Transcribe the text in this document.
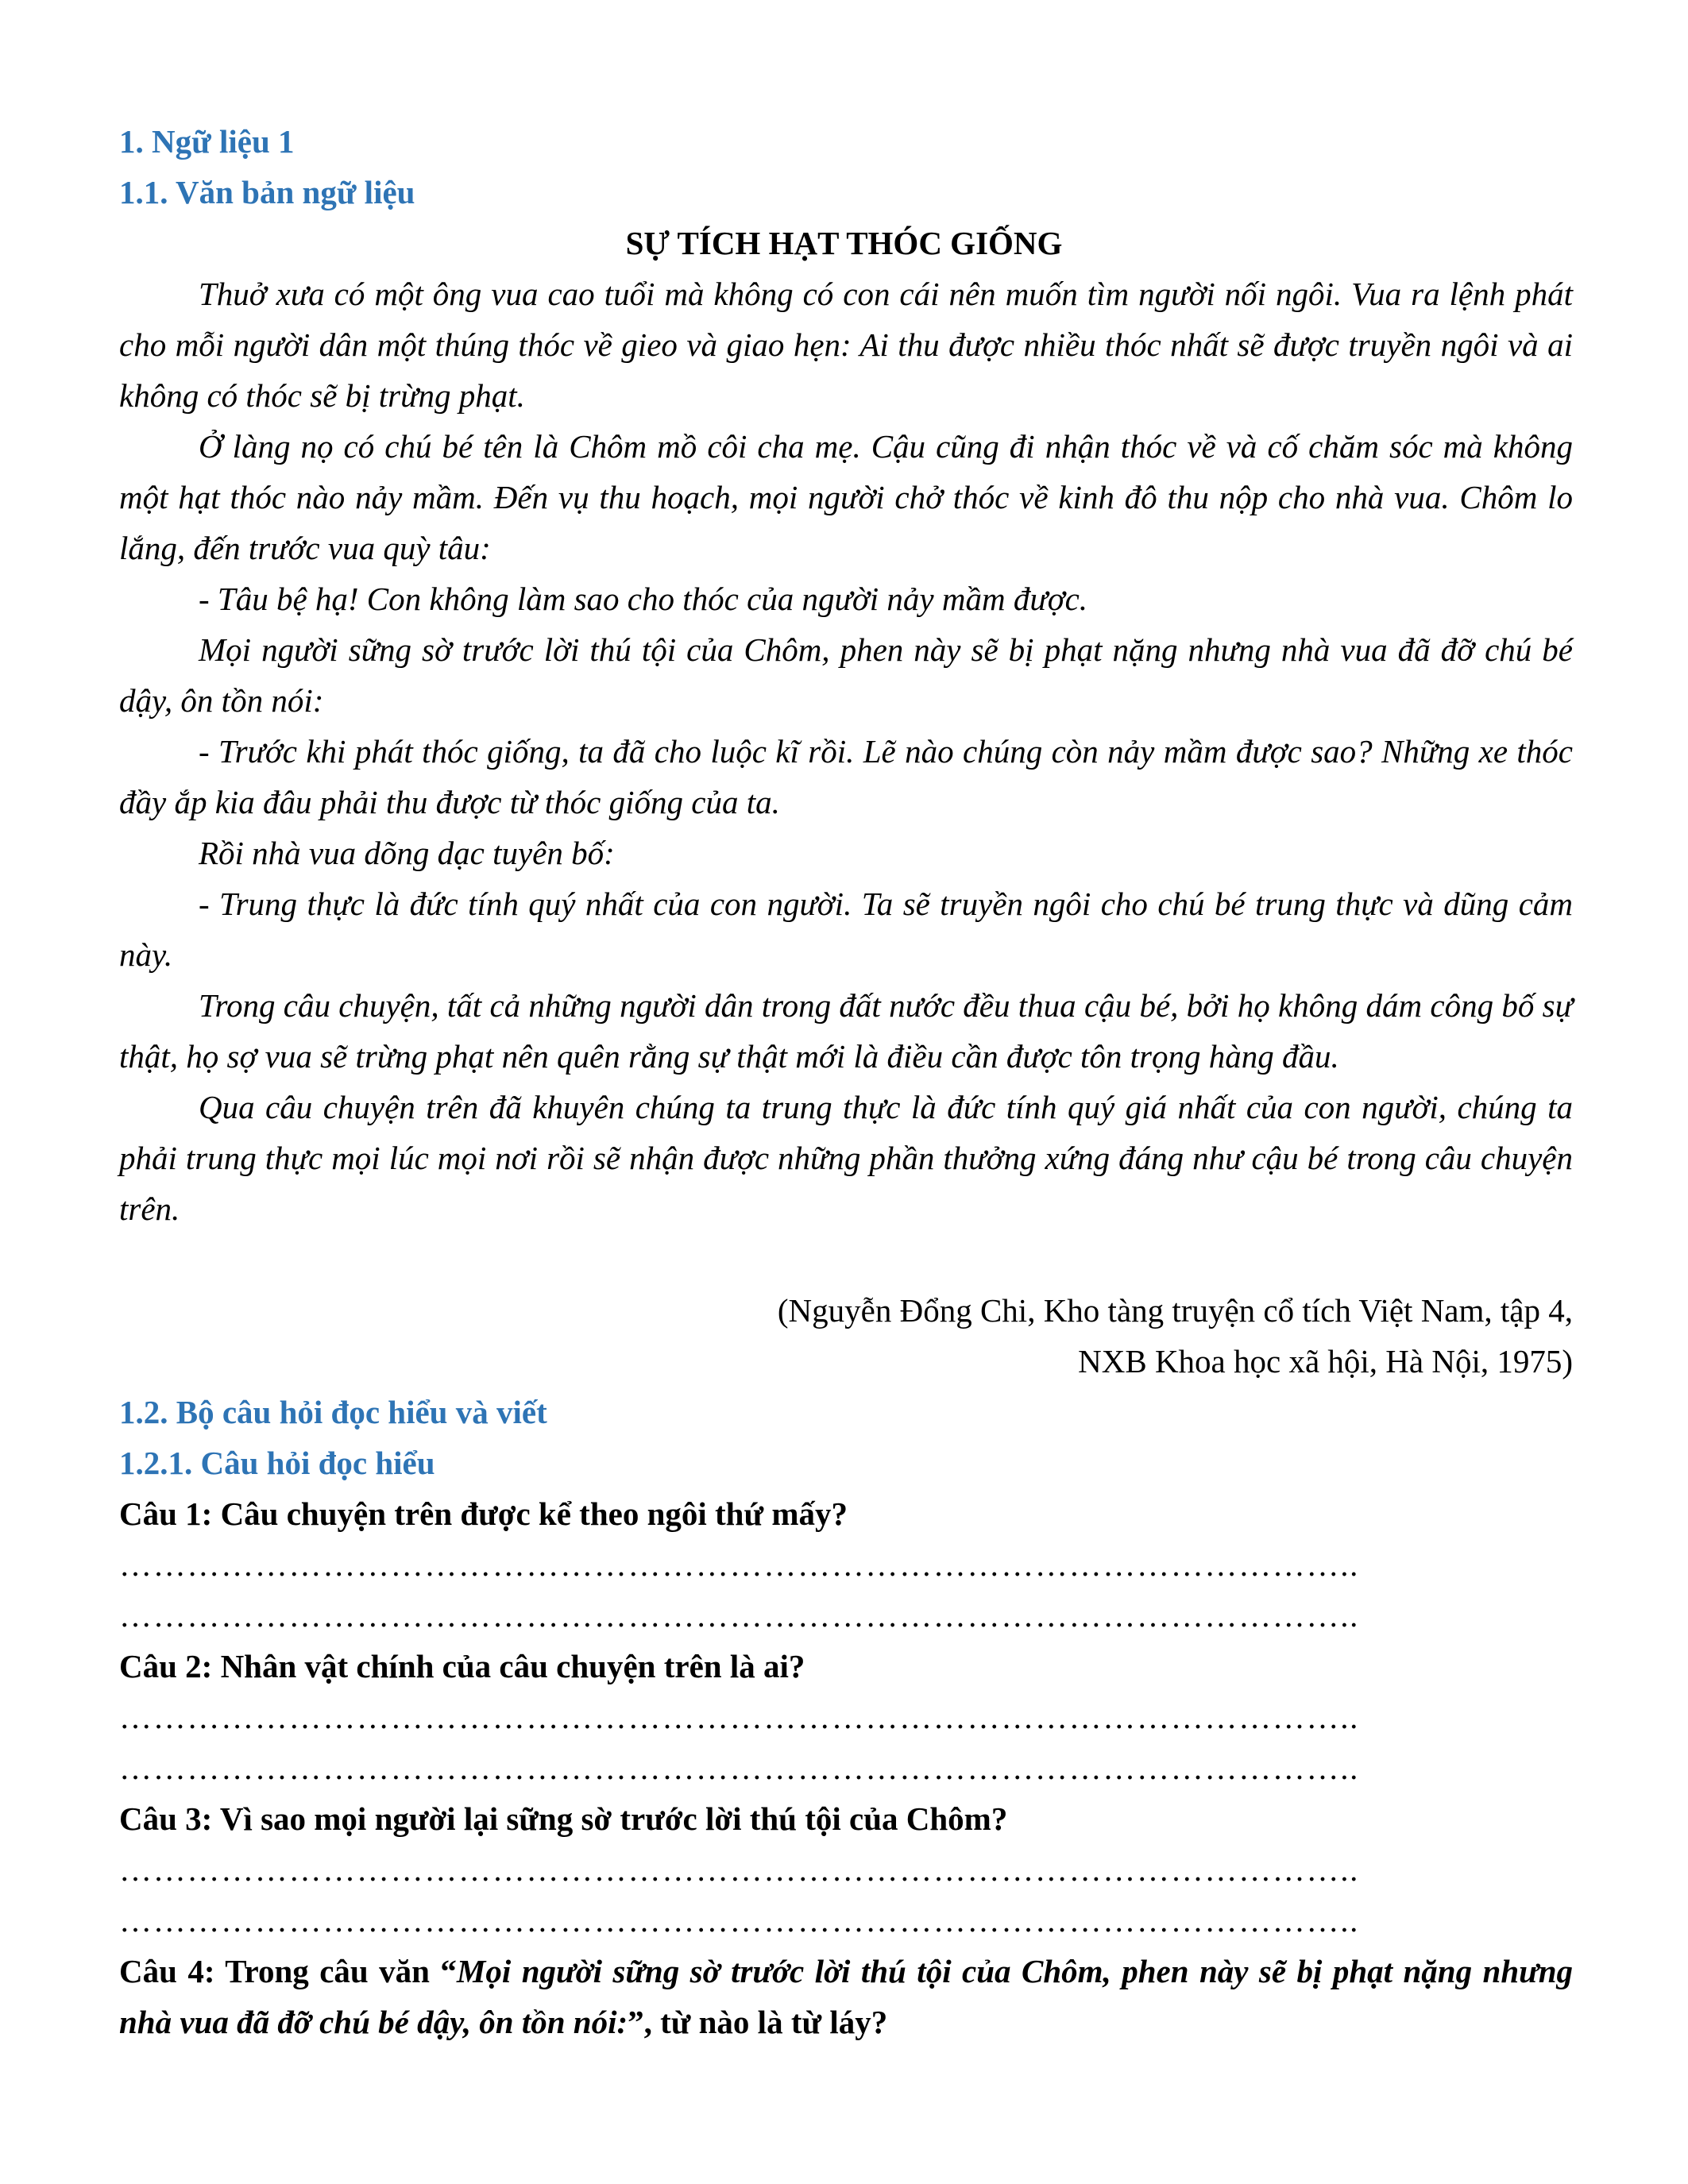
1. Ngữ liệu 1
1.1. Văn bản ngữ liệu
SỰ TÍCH HẠT THÓC GIỐNG

Thuở xưa có một ông vua cao tuổi mà không có con cái nên muốn tìm người nối ngôi. Vua ra lệnh phát cho mỗi người dân một thúng thóc về gieo và giao hẹn: Ai thu được nhiều thóc nhất sẽ được truyền ngôi và ai không có thóc sẽ bị trừng phạt.

Ở làng nọ có chú bé tên là Chôm mồ côi cha mẹ. Cậu cũng đi nhận thóc về và cố chăm sóc mà không một hạt thóc nào nảy mầm. Đến vụ thu hoạch, mọi người chở thóc về kinh đô thu nộp cho nhà vua. Chôm lo lắng, đến trước vua quỳ tâu:

- Tâu bệ hạ! Con không làm sao cho thóc của người nảy mầm được.

Mọi người sững sờ trước lời thú tội của Chôm, phen này sẽ bị phạt nặng nhưng nhà vua đã đỡ chú bé dậy, ôn tồn nói:

- Trước khi phát thóc giống, ta đã cho luộc kĩ rồi. Lẽ nào chúng còn nảy mầm được sao? Những xe thóc đầy ắp kia đâu phải thu được từ thóc giống của ta.

Rồi nhà vua dõng dạc tuyên bố:

- Trung thực là đức tính quý nhất của con người. Ta sẽ truyền ngôi cho chú bé trung thực và dũng cảm này.

Trong câu chuyện, tất cả những người dân trong đất nước đều thua cậu bé, bởi họ không dám công bố sự thật, họ sợ vua sẽ trừng phạt nên quên rằng sự thật mới là điều cần được tôn trọng hàng đầu.

Qua câu chuyện trên đã khuyên chúng ta trung thực là đức tính quý giá nhất của con người, chúng ta phải trung thực mọi lúc mọi nơi rồi sẽ nhận được những phần thưởng xứng đáng như cậu bé trong câu chuyện trên.

(Nguyễn Đổng Chi, Kho tàng truyện cổ tích Việt Nam, tập 4,
NXB Khoa học xã hội, Hà Nội, 1975)
1.2. Bộ câu hỏi đọc hiểu và viết
1.2.1. Câu hỏi đọc hiểu
Câu 1: Câu chuyện trên được kể theo ngôi thứ mấy?
………………………………………………………………………………………………..
………………………………………………………………………………………………..
Câu 2: Nhân vật chính của câu chuyện trên là ai?
………………………………………………………………………………………………..
………………………………………………………………………………………………..
Câu 3: Vì sao mọi người lại sững sờ trước lời thú tội của Chôm?
………………………………………………………………………………………………..
………………………………………………………………………………………………..
Câu 4: Trong câu văn “Mọi người sững sờ trước lời thú tội của Chôm, phen này sẽ bị phạt nặng nhưng nhà vua đã đỡ chú bé dậy, ôn tồn nói:”, từ nào là từ láy?
